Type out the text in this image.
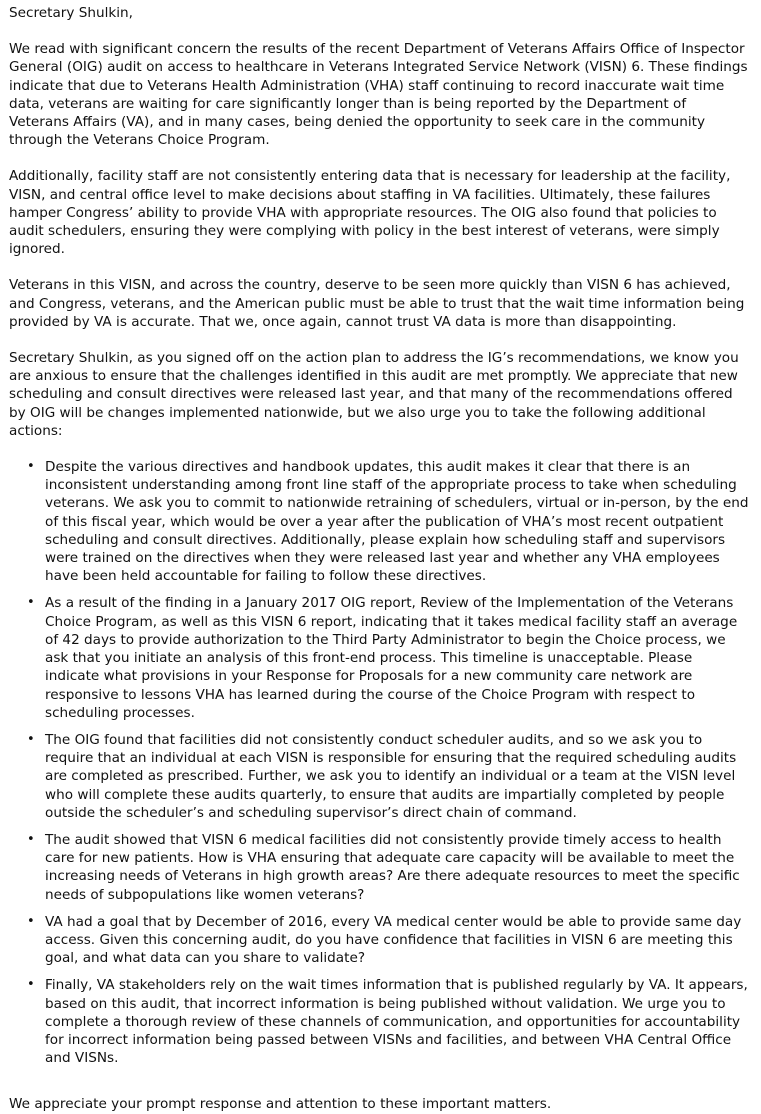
Secretary Shulkin,

We read with significant concern the results of the recent Department of Veterans Affairs Office of Inspector General (OIG) audit on access to healthcare in Veterans Integrated Service Network (VISN) 6. These findings indicate that due to Veterans Health Administration (VHA) staff continuing to record inaccurate wait time data, veterans are waiting for care significantly longer than is being reported by the Department of Veterans Affairs (VA), and in many cases, being denied the opportunity to seek care in the community through the Veterans Choice Program.

Additionally, facility staff are not consistently entering data that is necessary for leadership at the facility, VISN, and central office level to make decisions about staffing in VA facilities. Ultimately, these failures hamper Congress’ ability to provide VHA with appropriate resources. The OIG also found that policies to audit schedulers, ensuring they were complying with policy in the best interest of veterans, were simply ignored.

Veterans in this VISN, and across the country, deserve to be seen more quickly than VISN 6 has achieved, and Congress, veterans, and the American public must be able to trust that the wait time information being provided by VA is accurate. That we, once again, cannot trust VA data is more than disappointing.

Secretary Shulkin, as you signed off on the action plan to address the IG’s recommendations, we know you are anxious to ensure that the challenges identified in this audit are met promptly. We appreciate that new scheduling and consult directives were released last year, and that many of the recommendations offered by OIG will be changes implemented nationwide, but we also urge you to take the following additional actions:

• Despite the various directives and handbook updates, this audit makes it clear that there is an inconsistent understanding among front line staff of the appropriate process to take when scheduling veterans. We ask you to commit to nationwide retraining of schedulers, virtual or in-person, by the end of this fiscal year, which would be over a year after the publication of VHA’s most recent outpatient scheduling and consult directives. Additionally, please explain how scheduling staff and supervisors were trained on the directives when they were released last year and whether any VHA employees have been held accountable for failing to follow these directives.
• As a result of the finding in a January 2017 OIG report, Review of the Implementation of the Veterans Choice Program, as well as this VISN 6 report, indicating that it takes medical facility staff an average of 42 days to provide authorization to the Third Party Administrator to begin the Choice process, we ask that you initiate an analysis of this front-end process. This timeline is unacceptable. Please indicate what provisions in your Response for Proposals for a new community care network are responsive to lessons VHA has learned during the course of the Choice Program with respect to scheduling processes.
• The OIG found that facilities did not consistently conduct scheduler audits, and so we ask you to require that an individual at each VISN is responsible for ensuring that the required scheduling audits are completed as prescribed. Further, we ask you to identify an individual or a team at the VISN level who will complete these audits quarterly, to ensure that audits are impartially completed by people outside the scheduler’s and scheduling supervisor’s direct chain of command.
• The audit showed that VISN 6 medical facilities did not consistently provide timely access to health care for new patients. How is VHA ensuring that adequate care capacity will be available to meet the increasing needs of Veterans in high growth areas? Are there adequate resources to meet the specific needs of subpopulations like women veterans?
• VA had a goal that by December of 2016, every VA medical center would be able to provide same day access. Given this concerning audit, do you have confidence that facilities in VISN 6 are meeting this goal, and what data can you share to validate?
• Finally, VA stakeholders rely on the wait times information that is published regularly by VA. It appears, based on this audit, that incorrect information is being published without validation. We urge you to complete a thorough review of these channels of communication, and opportunities for accountability for incorrect information being passed between VISNs and facilities, and between VHA Central Office and VISNs.
We appreciate your prompt response and attention to these important matters.
